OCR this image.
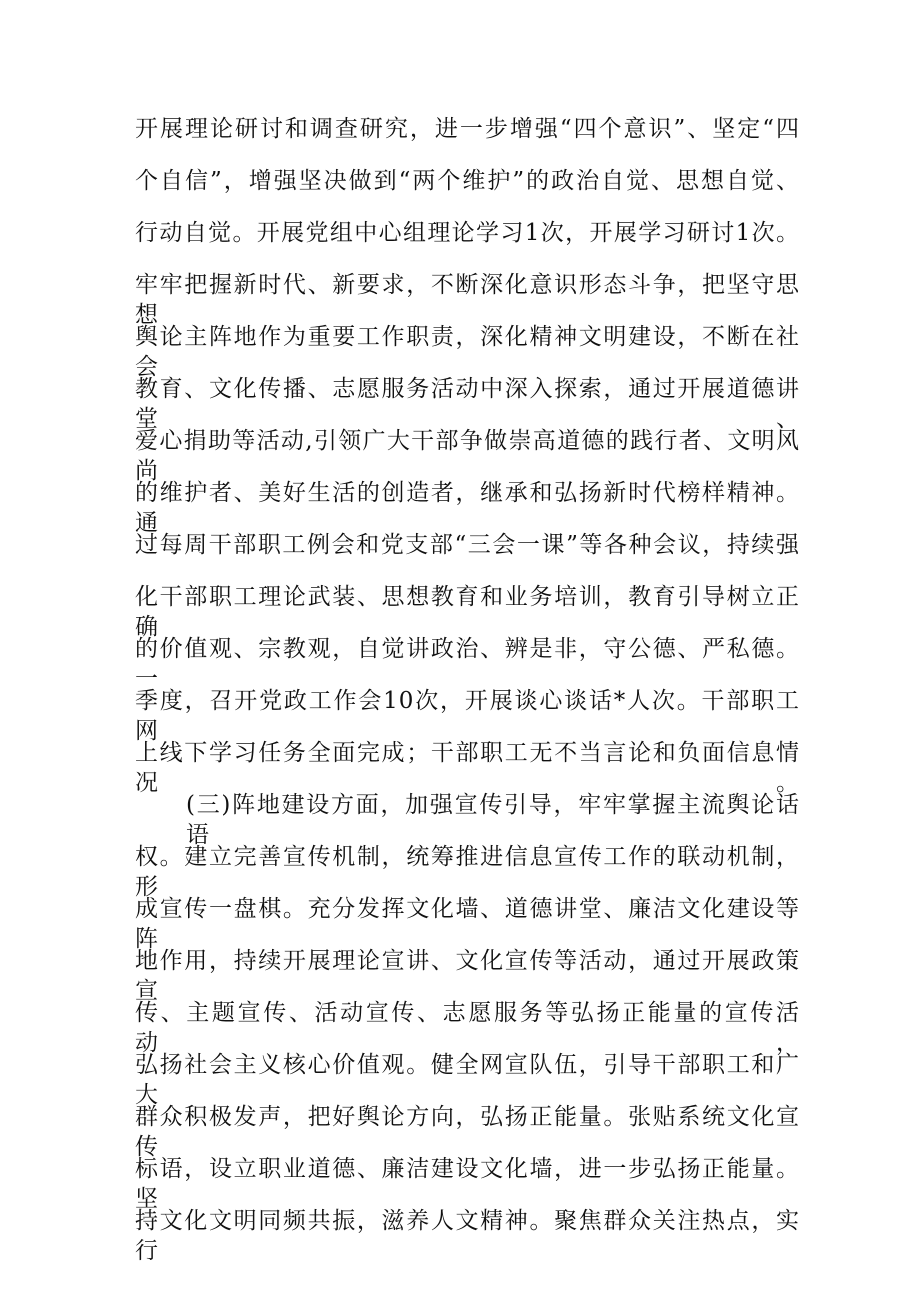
开展理论研讨和调查研究，进一步增强“四个意识”、坚定“四
个自信”，增强坚决做到“两个维护”的政治自觉、思想自觉、
行动自觉。开展党组中心组理论学习1次，开展学习研讨1次。
牢牢把握新时代、新要求，不断深化意识形态斗争，把坚守思想
舆论主阵地作为重要工作职责，深化精神文明建设，不断在社会
教育、文化传播、志愿服务活动中深入探索，通过开展道德讲堂、
爱心捐助等活动,引领广大干部争做崇高道德的践行者、文明风尚
的维护者、美好生活的创造者，继承和弘扬新时代榜样精神。通
过每周干部职工例会和党支部“三会一课”等各种会议，持续强
化干部职工理论武装、思想教育和业务培训，教育引导树立正确
的价值观、宗教观，自觉讲政治、辨是非，守公德、严私德。一
季度，召开党政工作会10次，开展谈心谈话*人次。干部职工网
上线下学习任务全面完成；干部职工无不当言论和负面信息情况。
(三)阵地建设方面，加强宣传引导，牢牢掌握主流舆论话语
权。建立完善宣传机制，统筹推进信息宣传工作的联动机制，形
成宣传一盘棋。充分发挥文化墙、道德讲堂、廉洁文化建设等阵
地作用，持续开展理论宣讲、文化宣传等活动，通过开展政策宣
传、主题宣传、活动宣传、志愿服务等弘扬正能量的宣传活动，
弘扬社会主义核心价值观。健全网宣队伍，引导干部职工和广大
群众积极发声，把好舆论方向，弘扬正能量。张贴系统文化宣传
标语，设立职业道德、廉洁建设文化墙，进一步弘扬正能量。坚
持文化文明同频共振，滋养人文精神。聚焦群众关注热点，实行
